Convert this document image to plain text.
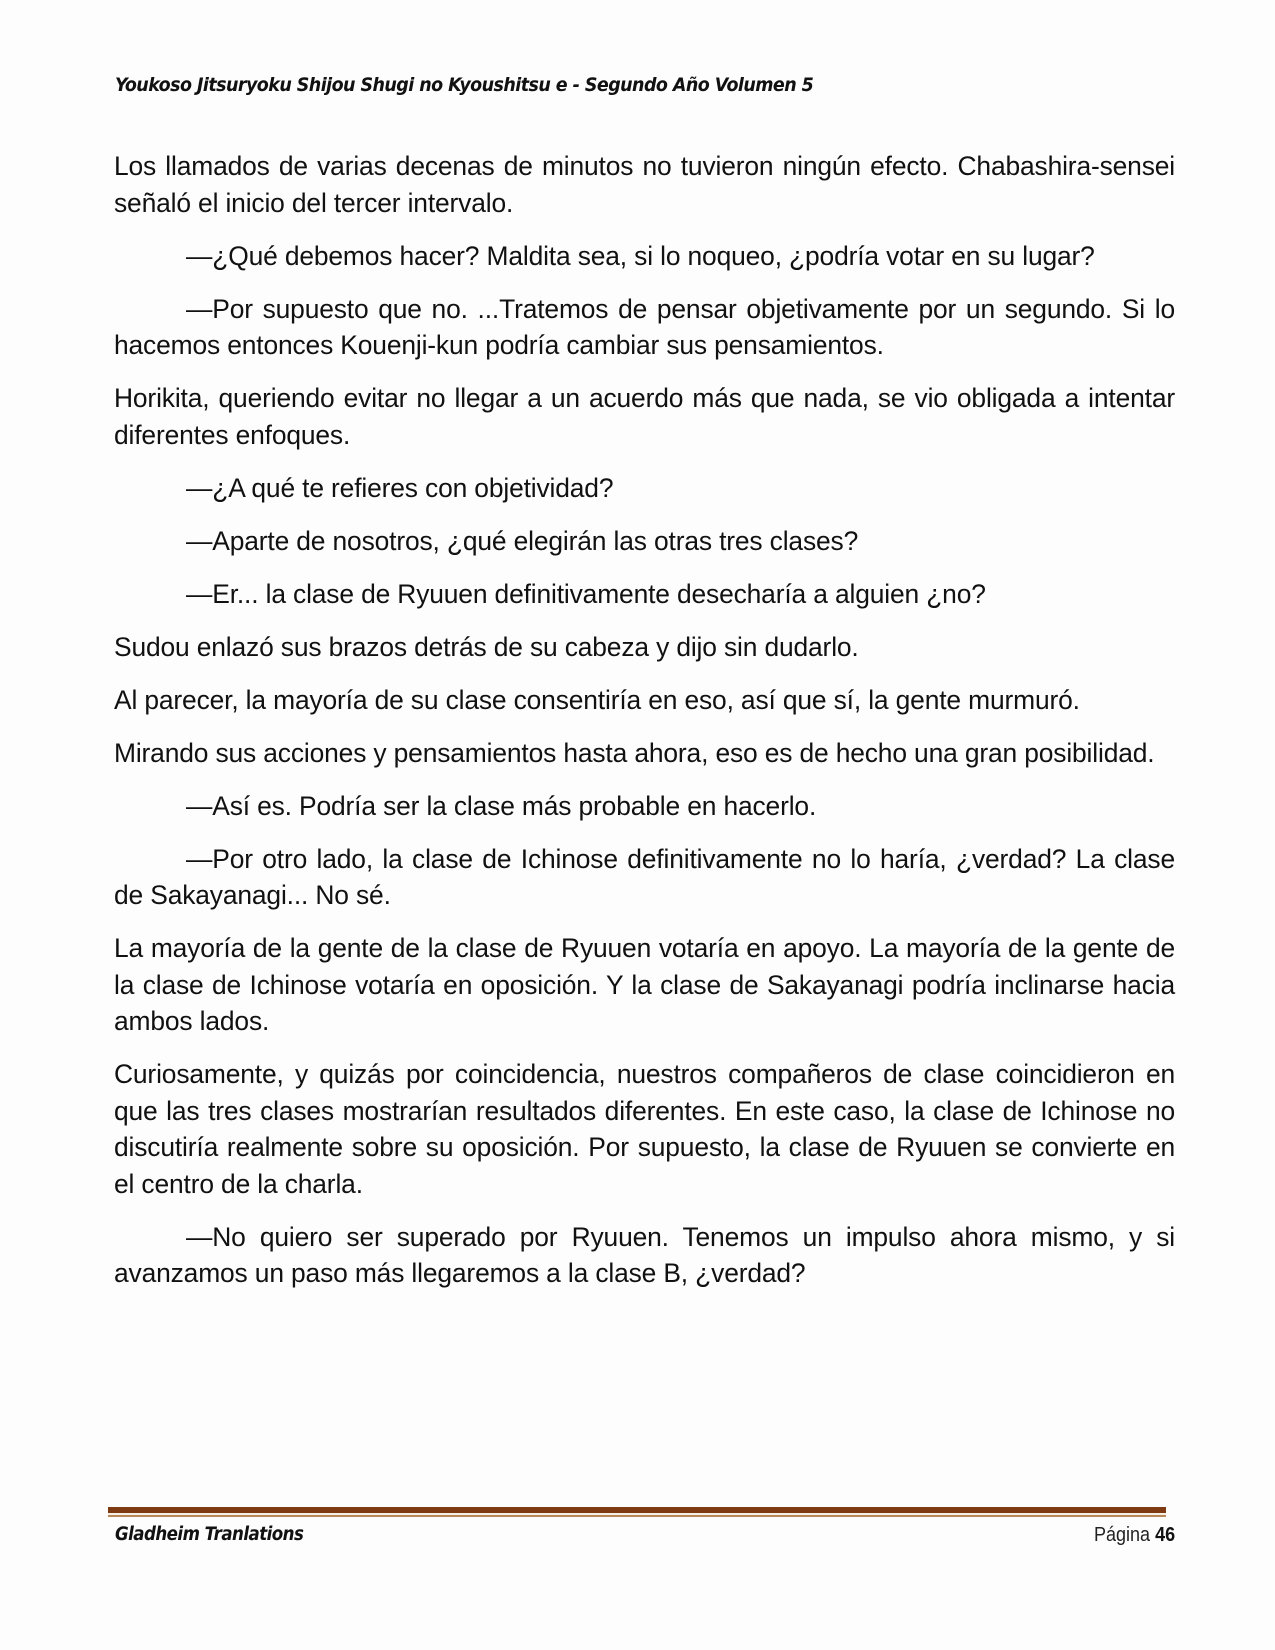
Youkoso Jitsuryoku Shijou Shugi no Kyoushitsu e - Segundo Año Volumen 5

Los llamados de varias decenas de minutos no tuvieron ningún efecto. Chabashira-sensei señaló el inicio del tercer intervalo.

—¿Qué debemos hacer? Maldita sea, si lo noqueo, ¿podría votar en su lugar?

—Por supuesto que no. ...Tratemos de pensar objetivamente por un segundo. Si lo hacemos entonces Kouenji-kun podría cambiar sus pensamientos.

Horikita, queriendo evitar no llegar a un acuerdo más que nada, se vio obligada a intentar diferentes enfoques.

—¿A qué te refieres con objetividad?

—Aparte de nosotros, ¿qué elegirán las otras tres clases?

—Er... la clase de Ryuuen definitivamente desecharía a alguien ¿no?

Sudou enlazó sus brazos detrás de su cabeza y dijo sin dudarlo.

Al parecer, la mayoría de su clase consentiría en eso, así que sí, la gente murmuró.

Mirando sus acciones y pensamientos hasta ahora, eso es de hecho una gran posibilidad.

—Así es. Podría ser la clase más probable en hacerlo.

—Por otro lado, la clase de Ichinose definitivamente no lo haría, ¿verdad? La clase de Sakayanagi... No sé.

La mayoría de la gente de la clase de Ryuuen votaría en apoyo. La mayoría de la gente de la clase de Ichinose votaría en oposición. Y la clase de Sakayanagi podría inclinarse hacia ambos lados.

Curiosamente, y quizás por coincidencia, nuestros compañeros de clase coincidieron en que las tres clases mostrarían resultados diferentes. En este caso, la clase de Ichinose no discutiría realmente sobre su oposición. Por supuesto, la clase de Ryuuen se convierte en el centro de la charla.

—No quiero ser superado por Ryuuen. Tenemos un impulso ahora mismo, y si avanzamos un paso más llegaremos a la clase B, ¿verdad?

Gladheim Tranlations	Página 46
